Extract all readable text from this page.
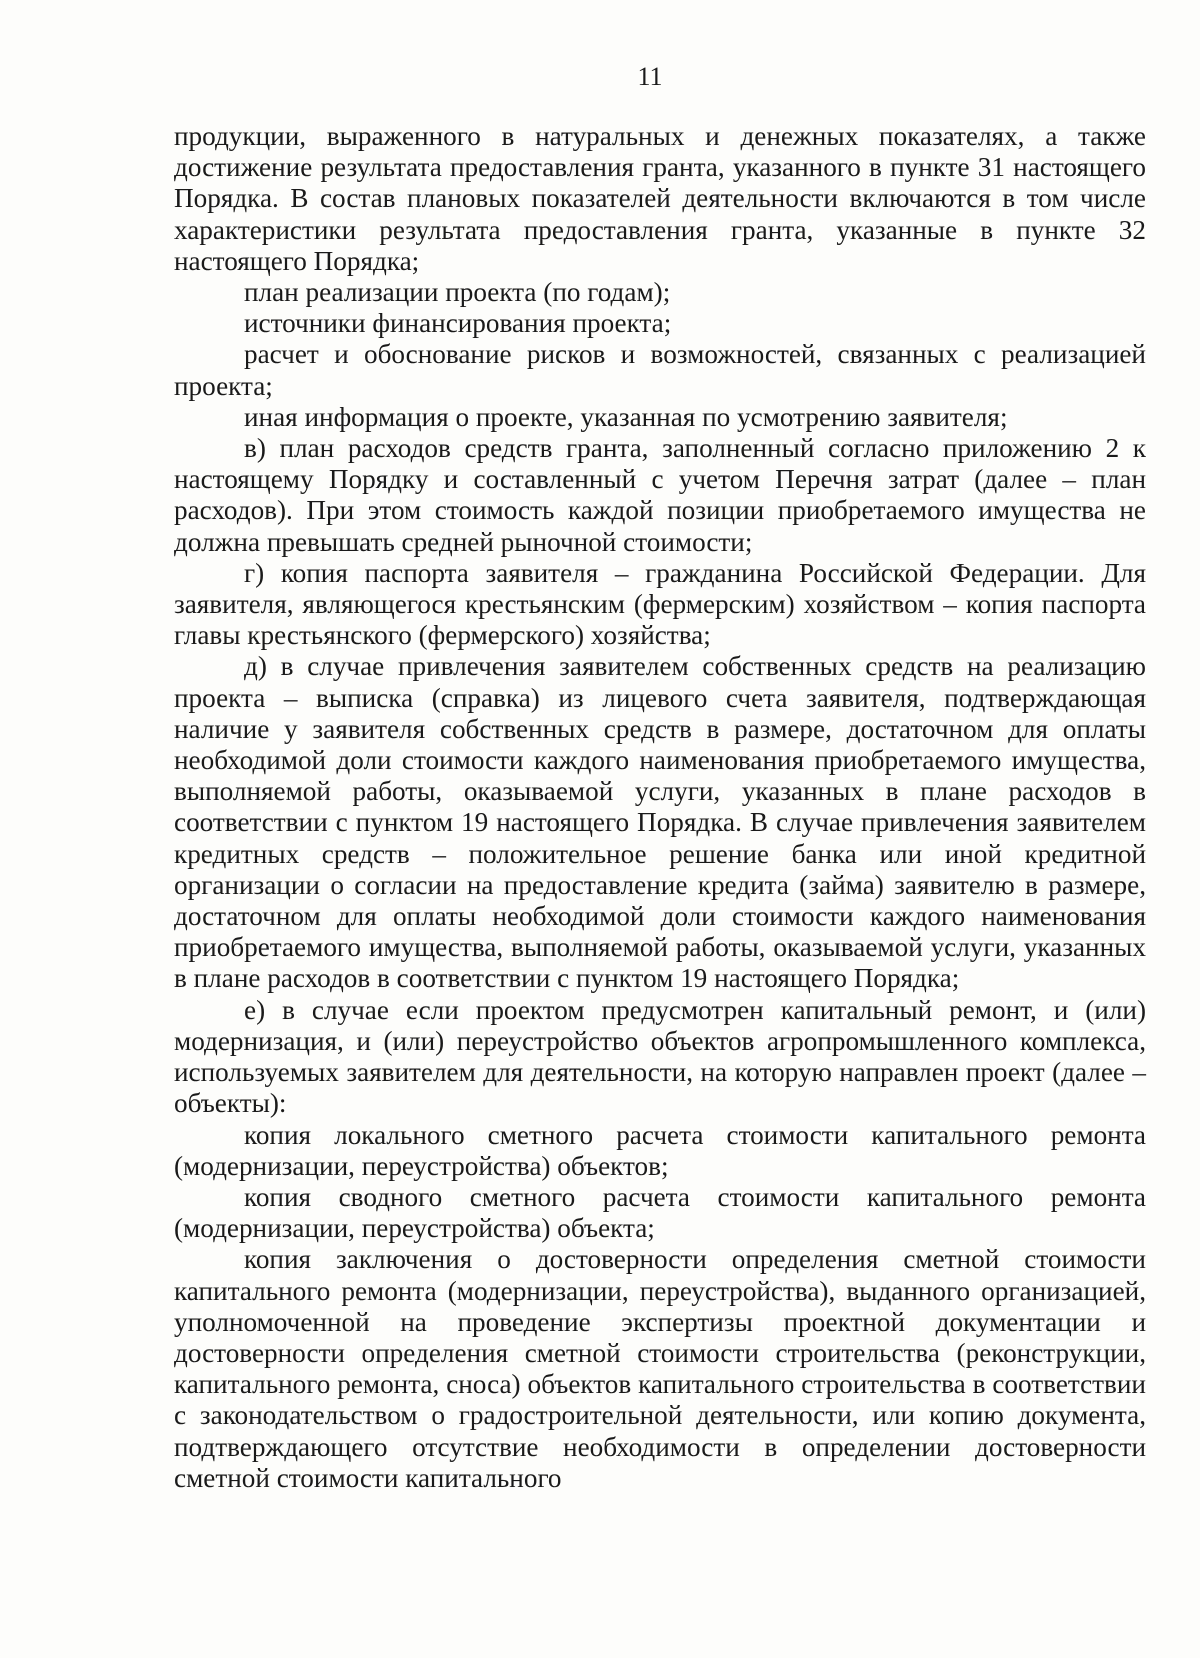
11

продукции, выраженного в натуральных и денежных показателях, а также достижение результата предоставления гранта, указанного в пункте 31 настоящего Порядка. В состав плановых показателей деятельности включаются в том числе характеристики результата предоставления гранта, указанные в пункте 32 настоящего Порядка;

план реализации проекта (по годам);

источники финансирования проекта;

расчет и обоснование рисков и возможностей, связанных с реализацией проекта;

иная информация о проекте, указанная по усмотрению заявителя;

в) план расходов средств гранта, заполненный согласно приложению 2 к настоящему Порядку и составленный с учетом Перечня затрат (далее – план расходов). При этом стоимость каждой позиции приобретаемого имущества не должна превышать средней рыночной стоимости;

г) копия паспорта заявителя – гражданина Российской Федерации. Для заявителя, являющегося крестьянским (фермерским) хозяйством – копия паспорта главы крестьянского (фермерского) хозяйства;

д) в случае привлечения заявителем собственных средств на реализацию проекта – выписка (справка) из лицевого счета заявителя, подтверждающая наличие у заявителя собственных средств в размере, достаточном для оплаты необходимой доли стоимости каждого наименования приобретаемого имущества, выполняемой работы, оказываемой услуги, указанных в плане расходов в соответствии с пунктом 19 настоящего Порядка. В случае привлечения заявителем кредитных средств – положительное решение банка или иной кредитной организации о согласии на предоставление кредита (займа) заявителю в размере, достаточном для оплаты необходимой доли стоимости каждого наименования приобретаемого имущества, выполняемой работы, оказываемой услуги, указанных в плане расходов в соответствии с пунктом 19 настоящего Порядка;

е) в случае если проектом предусмотрен капитальный ремонт, и (или) модернизация, и (или) переустройство объектов агропромышленного комплекса, используемых заявителем для деятельности, на которую направлен проект (далее – объекты):

копия локального сметного расчета стоимости капитального ремонта (модернизации, переустройства) объектов;

копия сводного сметного расчета стоимости капитального ремонта (модернизации, переустройства) объекта;

копия заключения о достоверности определения сметной стоимости капитального ремонта (модернизации, переустройства), выданного организацией, уполномоченной на проведение экспертизы проектной документации и достоверности определения сметной стоимости строительства (реконструкции, капитального ремонта, сноса) объектов капитального строительства в соответствии с законодательством о градостроительной деятельности, или копию документа, подтверждающего отсутствие необходимости в определении достоверности сметной стоимости капитального
